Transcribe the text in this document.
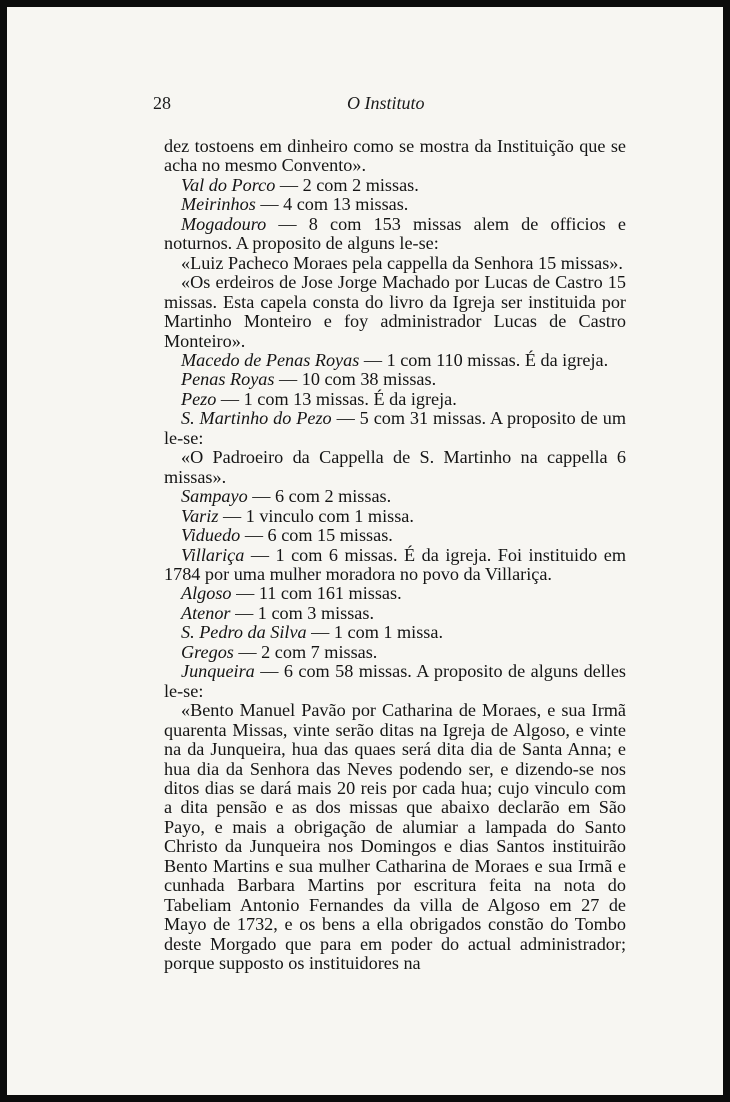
28	O Instituto

dez tostoens em dinheiro como se mostra da Instituição que se acha no mesmo Convento».

Val do Porco — 2 com 2 missas.

Meirinhos — 4 com 13 missas.

Mogadouro — 8 com 153 missas alem de officios e noturnos. A proposito de alguns le-se:

«Luiz Pacheco Moraes pela cappella da Senhora 15 missas».

«Os erdeiros de Jose Jorge Machado por Lucas de Castro 15 missas. Esta capela consta do livro da Igreja ser instituida por Martinho Monteiro e foy administrador Lucas de Castro Monteiro».

Macedo de Penas Royas — 1 com 110 missas. É da igreja.

Penas Royas — 10 com 38 missas.

Pezo — 1 com 13 missas. É da igreja.

S. Martinho do Pezo — 5 com 31 missas. A proposito de um le-se:

«O Padroeiro da Cappella de S. Martinho na cappella 6 missas».

Sampayo — 6 com 2 missas.

Variz — 1 vinculo com 1 missa.

Viduedo — 6 com 15 missas.

Villariça — 1 com 6 missas. É da igreja. Foi instituido em 1784 por uma mulher moradora no povo da Villariça.

Algoso — 11 com 161 missas.

Atenor — 1 com 3 missas.

S. Pedro da Silva — 1 com 1 missa.

Gregos — 2 com 7 missas.

Junqueira — 6 com 58 missas. A proposito de alguns delles le-se:

«Bento Manuel Pavão por Catharina de Moraes, e sua Irmã quarenta Missas, vinte serão ditas na Igreja de Algoso, e vinte na da Junqueira, hua das quaes será dita dia de Santa Anna; e hua dia da Senhora das Neves podendo ser, e dizendo-se nos ditos dias se dará mais 20 reis por cada hua; cujo vinculo com a dita pensão e as dos missas que abaixo declarão em São Payo, e mais a obrigação de alumiar a lampada do Santo Christo da Junqueira nos Domingos e dias Santos instituirão Bento Martins e sua mulher Catharina de Moraes e sua Irmã e cunhada Barbara Martins por escritura feita na nota do Tabeliam Antonio Fernandes da villa de Algoso em 27 de Mayo de 1732, e os bens a ella obrigados constão do Tombo deste Morgado que para em poder do actual administrador; porque supposto os instituidores na
